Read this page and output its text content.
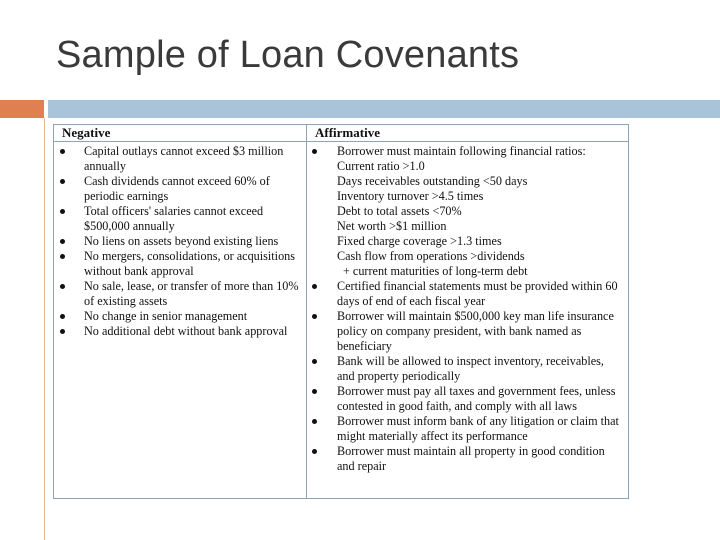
Sample of Loan Covenants
Negative
Capital outlays cannot exceed $3 million annually
Cash dividends cannot exceed 60% of periodic earnings
Total officers' salaries cannot exceed $500,000 annually
No liens on assets beyond existing liens
No mergers, consolidations, or acquisitions without bank approval
No sale, lease, or transfer of more than 10% of existing assets
No change in senior management
No additional debt without bank approval
Affirmative
Borrower must maintain following financial ratios:
Current ratio >1.0
Days receivables outstanding <50 days
Inventory turnover >4.5 times
Debt to total assets <70%
Net worth >$1 million
Fixed charge coverage >1.3 times
Cash flow from operations >dividends
+ current maturities of long-term debt
Certified financial statements must be provided within 60 days of end of each fiscal year
Borrower will maintain $500,000 key man life insurance policy on company president, with bank named as beneficiary
Bank will be allowed to inspect inventory, receivables, and property periodically
Borrower must pay all taxes and government fees, unless contested in good faith, and comply with all laws
Borrower must inform bank of any litigation or claim that might materially affect its performance
Borrower must maintain all property in good condition and repair
